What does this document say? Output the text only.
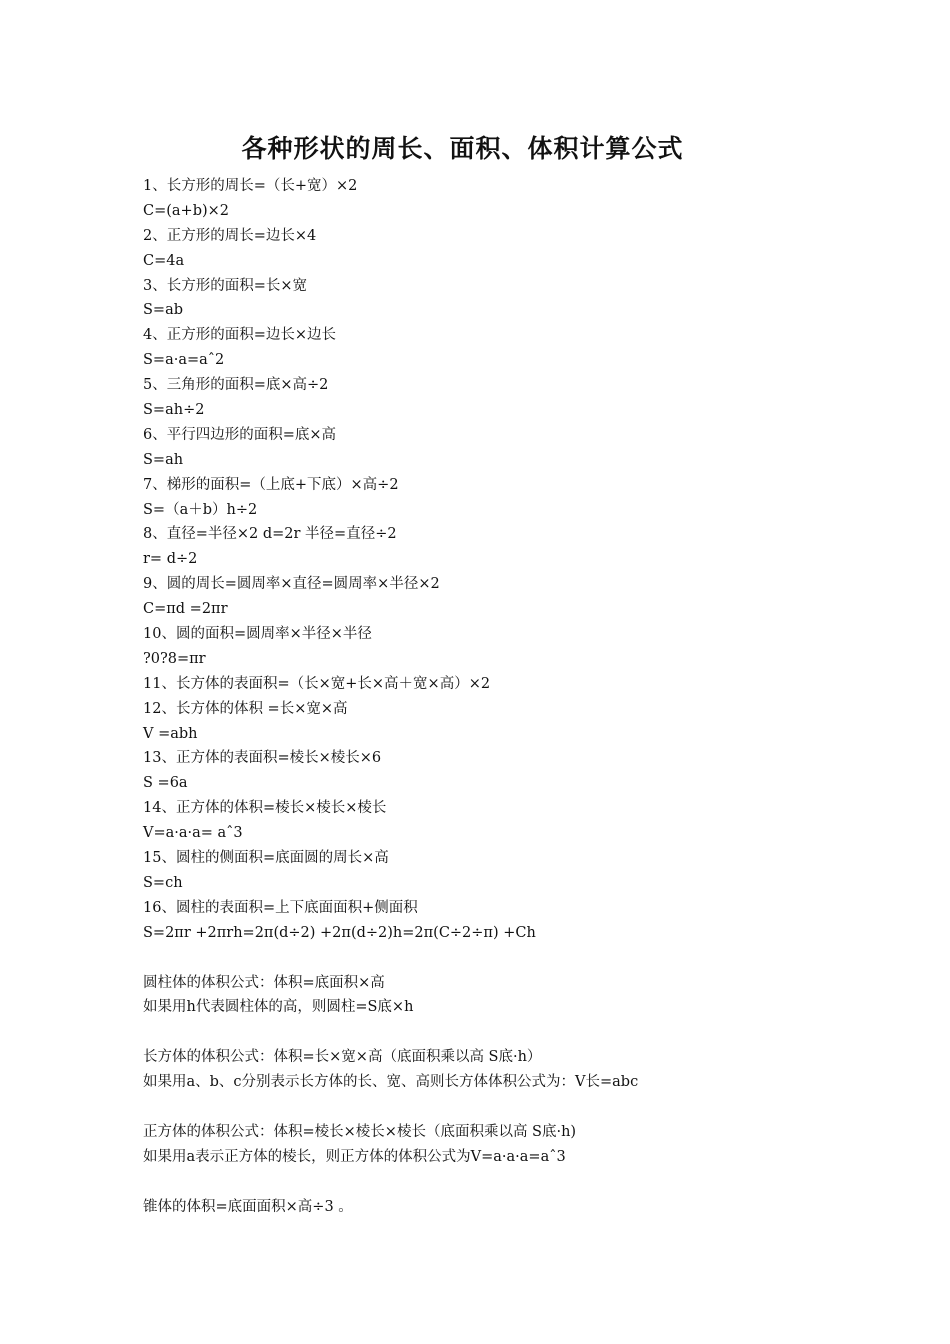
各种形状的周长、面积、体积计算公式
1、长方形的周长=（长+宽）×2
C=(a+b)×2
2、正方形的周长=边长×4
C=4a
3、长方形的面积=长×宽
S=ab
4、正方形的面积=边长×边长
S=a·a=aˆ2
5、三角形的面积=底×高÷2
S=ah÷2
6、平行四边形的面积=底×高
S=ah
7、梯形的面积=（上底+下底）×高÷2
S=（a＋b）h÷2
8、直径=半径×2 d=2r 半径=直径÷2
r= d÷2
9、圆的周长=圆周率×直径=圆周率×半径×2
C=πd =2πr
10、圆的面积=圆周率×半径×半径
?0?8=πr
11、长方体的表面积=（长×宽+长×高＋宽×高）×2
12、长方体的体积 =长×宽×高
V =abh
13、正方体的表面积=棱长×棱长×6
S =6a
14、正方体的体积=棱长×棱长×棱长
V=a·a·a= aˆ3
15、圆柱的侧面积=底面圆的周长×高
S=ch
16、圆柱的表面积=上下底面面积+侧面积
S=2πr +2πrh=2π(d÷2) +2π(d÷2)h=2π(C÷2÷π) +Ch
圆柱体的体积公式：体积=底面积×高
如果用h代表圆柱体的高，则圆柱=S底×h
长方体的体积公式：体积=长×宽×高（底面积乘以高 S底·h）
如果用a、b、c分别表示长方体的长、宽、高则长方体体积公式为：V长=abc
正方体的体积公式：体积=棱长×棱长×棱长（底面积乘以高 S底·h)
如果用a表示正方体的棱长，则正方体的体积公式为V=a·a·a=aˆ3
锥体的体积=底面面积×高÷3 。
